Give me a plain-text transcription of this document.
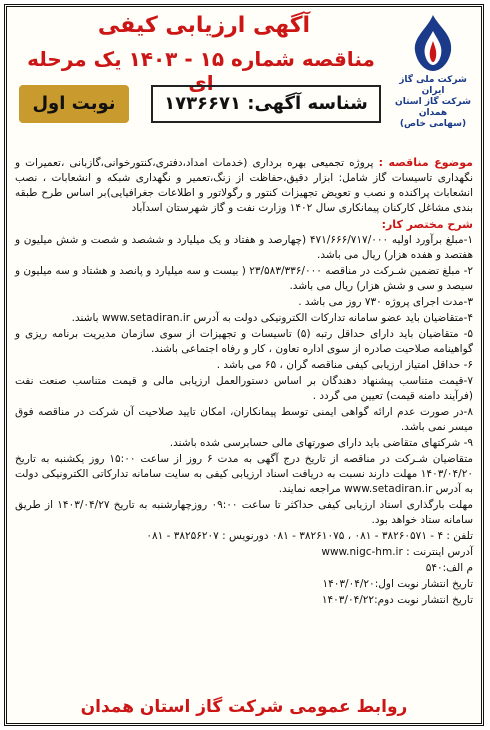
آگهی ارزیابی کیفی
مناقصه شماره ۱۵ - ۱۴۰۳ یک مرحله ای
شناسه آگهی: ۱۷۳۶۶۷۱
نوبت اول
شرکت ملی گاز ایران
شرکت گاز استان همدان
(سهامی خاص)

موضوع مناقصه : پروژه تجمیعی بهره برداری (خدمات امداد،دفتری،کنتورخوانی،گازبانی ،تعمیرات و نگهداری تاسیسات گاز شامل: ابزار دقیق،حفاظت از زنگ،تعمیر و نگهداری شبکه و انشعابات ، نصب انشعابات پراکنده و نصب و تعویض تجهیزات کنتور و رگولاتور و اطلاعات جغرافیایی)بر اساس طرح طبقه بندی مشاغل کارکنان پیمانکاری سال ۱۴۰۲ وزارت نفت و گاز شهرستان اسدآباد

شرح مختصر کار:

۱-مبلغ برآورد اولیه ۴۷۱/۶۶۶/۷۱۷/۰۰۰ (چهارصد و هفتاد و یک میلیارد و ششصد و شصت و شش میلیون و هفتصد و هفده هزار) ریال می باشد.

۲- مبلغ تضمین شـرکت در مناقصه ۲۳/۵۸۳/۳۳۶/۰۰۰ ( بیست و سه میلیارد و پانصد و هشتاد و سه میلیون و سیصد و سی و شش هزار) ریال می باشد.

۳-مدت اجرای پروژه ۷۳۰ روز می باشد .

۴-متقاضیان باید عضو سامانه تدارکات الکترونیکی دولت به آدرس www.setadiran.ir باشند.

۵- متقاضیان باید دارای حداقل رتبه (۵) تاسیسات و تجهیزات از سوی سازمان مدیریت برنامه ریزی و گواهینامه صلاحیت صادره از سوی اداره تعاون ، کار و رفاه اجتماعی باشند.

۶- حداقل امتیاز ارزیابی کیفی مناقصه گران ، ۶۵ می باشد .

۷-قیمت متناسب پیشنهاد دهندگان بر اساس دستورالعمل ارزیابی مالی و قیمت متناسب صنعت نفت (فرآیند دامنه قیمت) تعیین می گردد .

۸-در صورت عدم ارائه گواهی ایمنی توسط پیمانکاران، امکان تایید صلاحیت آن شرکت در مناقصه فوق میسر نمی باشد.

۹- شرکتهای متقاضی باید دارای صورتهای مالی حسابرسی شده باشند.

متقاضیان شـرکت در مناقصه از تاریخ درج آگهی به مدت ۶ روز از ساعت ۱۵:۰۰ روز یکشنبه به تاریخ ۱۴۰۳/۰۴/۲۰ مهلت دارند نسبت به دریافت اسناد ارزیابی کیفی به سایت سامانه تدارکاتی الکترونیکی دولت به آدرس www.setadiran.ir مراجعه نمایند.

مهلت بارگذاری اسناد ارزیابی کیفی حداکثر تا ساعت ۰۹:۰۰ روزچهارشنبه به تاریخ ۱۴۰۳/۰۴/۲۷ از طریق سامانه ستاد خواهد بود.

تلفن : ۴ - ۳۸۲۶۰۵۷۱ - ۰۸۱ ، ۳۸۲۶۱۰۷۵ - ۰۸۱ دورنویس : ۳۸۲۵۶۲۰۷ - ۰۸۱

آدرس اینترنت : www.nigc-hm.ir

م الف:۵۴۰

تاریخ انتشار نوبت اول:۱۴۰۳/۰۴/۲۰

تاریخ انتشار نوبت دوم:۱۴۰۳/۰۴/۲۲

روابط عمومی شرکت گاز استان همدان
